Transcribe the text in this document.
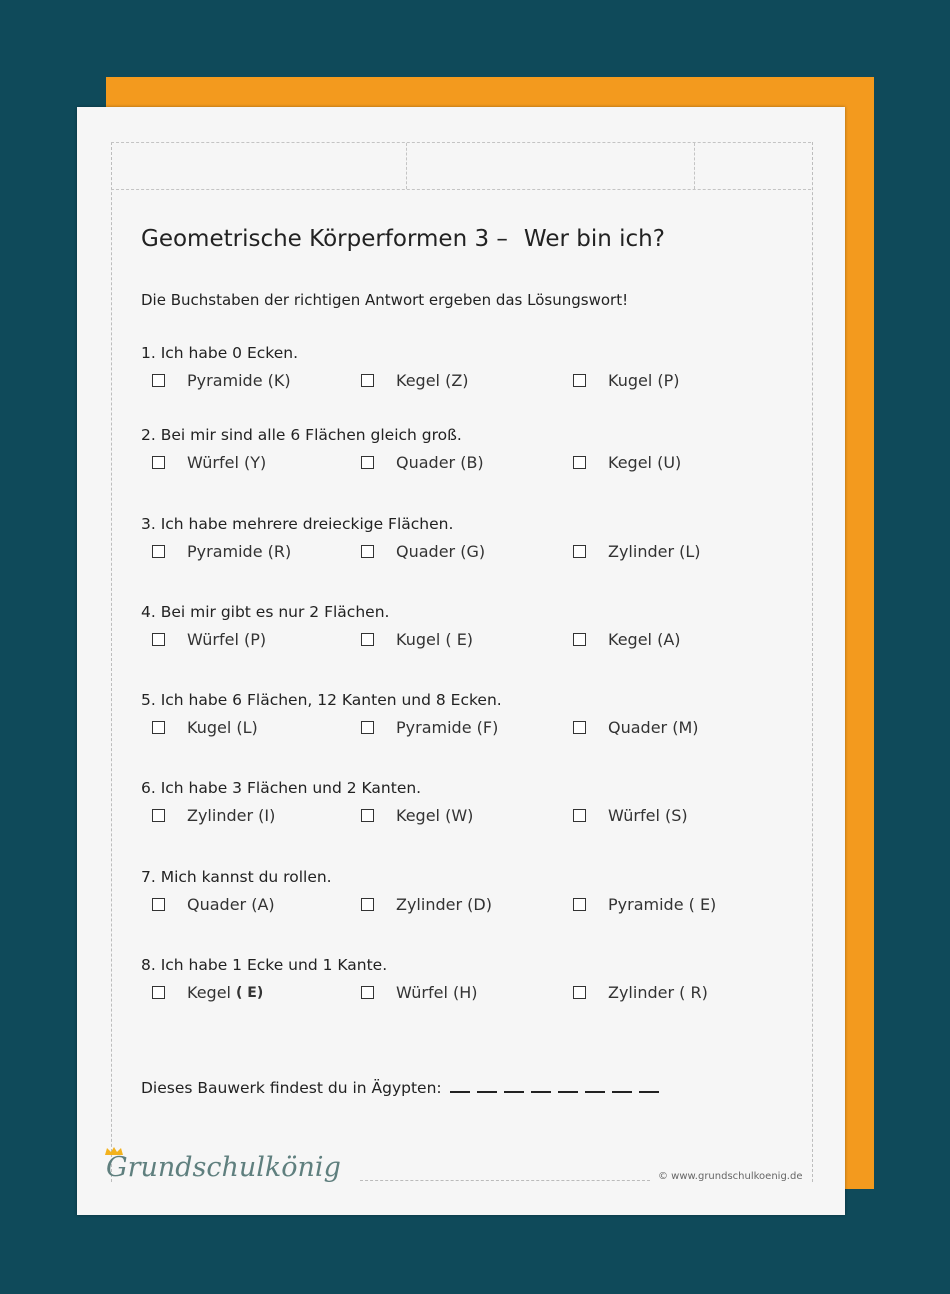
Geometrische Körperformen 3 – Wer bin ich?
Die Buchstaben der richtigen Antwort ergeben das Lösungswort!
1. Ich habe 0 Ecken.
Pyramide (K)	Kegel (Z)	Kugel (P)
2. Bei mir sind alle 6 Flächen gleich groß.
Würfel (Y)	Quader (B)	Kegel (U)
3. Ich habe mehrere dreieckige Flächen.
Pyramide (R)	Quader (G)	Zylinder (L)
4. Bei mir gibt es nur 2 Flächen.
Würfel (P)	Kugel ( E)	Kegel (A)
5. Ich habe 6 Flächen, 12 Kanten und 8 Ecken.
Kugel (L)	Pyramide (F)	Quader (M)
6. Ich habe 3 Flächen und 2 Kanten.
Zylinder (I)	Kegel (W)	Würfel (S)
7. Mich kannst du rollen.
Quader (A)	Zylinder (D)	Pyramide ( E)
8. Ich habe 1 Ecke und 1 Kante.
Kegel ( E)	Würfel (H)	Zylinder ( R)
Dieses Bauwerk findest du in Ägypten:
Grundschulkönig	© www.grundschulkoenig.de
